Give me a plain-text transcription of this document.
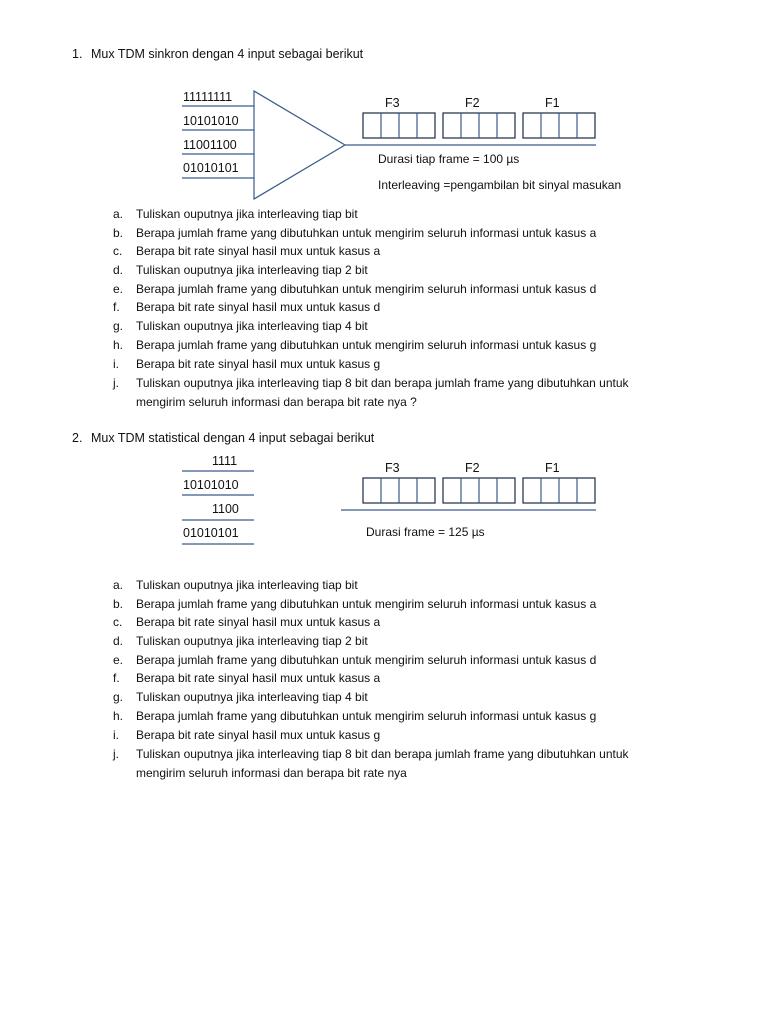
1. Mux TDM sinkron dengan 4 input sebagai berikut
11111111
10101010
11001100
01010101
F3	F2	F1
Durasi tiap frame = 100 µs
Interleaving =pengambilan bit sinyal masukan
a.	Tuliskan ouputnya jika interleaving tiap bit
b.	Berapa jumlah frame yang dibutuhkan untuk mengirim seluruh informasi untuk kasus a
c.	Berapa bit rate sinyal hasil mux untuk kasus a
d.	Tuliskan ouputnya jika interleaving tiap 2 bit
e.	Berapa jumlah frame yang dibutuhkan untuk mengirim seluruh informasi untuk kasus d
f.	Berapa bit rate sinyal hasil mux untuk kasus d
g.	Tuliskan ouputnya jika interleaving tiap 4 bit
h.	Berapa jumlah frame yang dibutuhkan untuk mengirim seluruh informasi untuk kasus g
i.	Berapa bit rate sinyal hasil mux untuk kasus g
j.	Tuliskan ouputnya jika interleaving tiap 8 bit dan berapa jumlah frame yang dibutuhkan untuk
mengirim seluruh informasi dan berapa bit rate nya ?
2. Mux TDM statistical dengan 4 input sebagai berikut
1111
10101010
1100
01010101
F3	F2	F1
Durasi frame = 125 µs
a.	Tuliskan ouputnya jika interleaving tiap bit
b.	Berapa jumlah frame yang dibutuhkan untuk mengirim seluruh informasi untuk kasus a
c.	Berapa bit rate sinyal hasil mux untuk kasus a
d.	Tuliskan ouputnya jika interleaving tiap 2 bit
e.	Berapa jumlah frame yang dibutuhkan untuk mengirim seluruh informasi untuk kasus d
f.	Berapa bit rate sinyal hasil mux untuk kasus a
g.	Tuliskan ouputnya jika interleaving tiap 4 bit
h.	Berapa jumlah frame yang dibutuhkan untuk mengirim seluruh informasi untuk kasus g
i.	Berapa bit rate sinyal hasil mux untuk kasus g
j.	Tuliskan ouputnya jika interleaving tiap 8 bit dan berapa jumlah frame yang dibutuhkan untuk
mengirim seluruh informasi dan berapa bit rate nya
